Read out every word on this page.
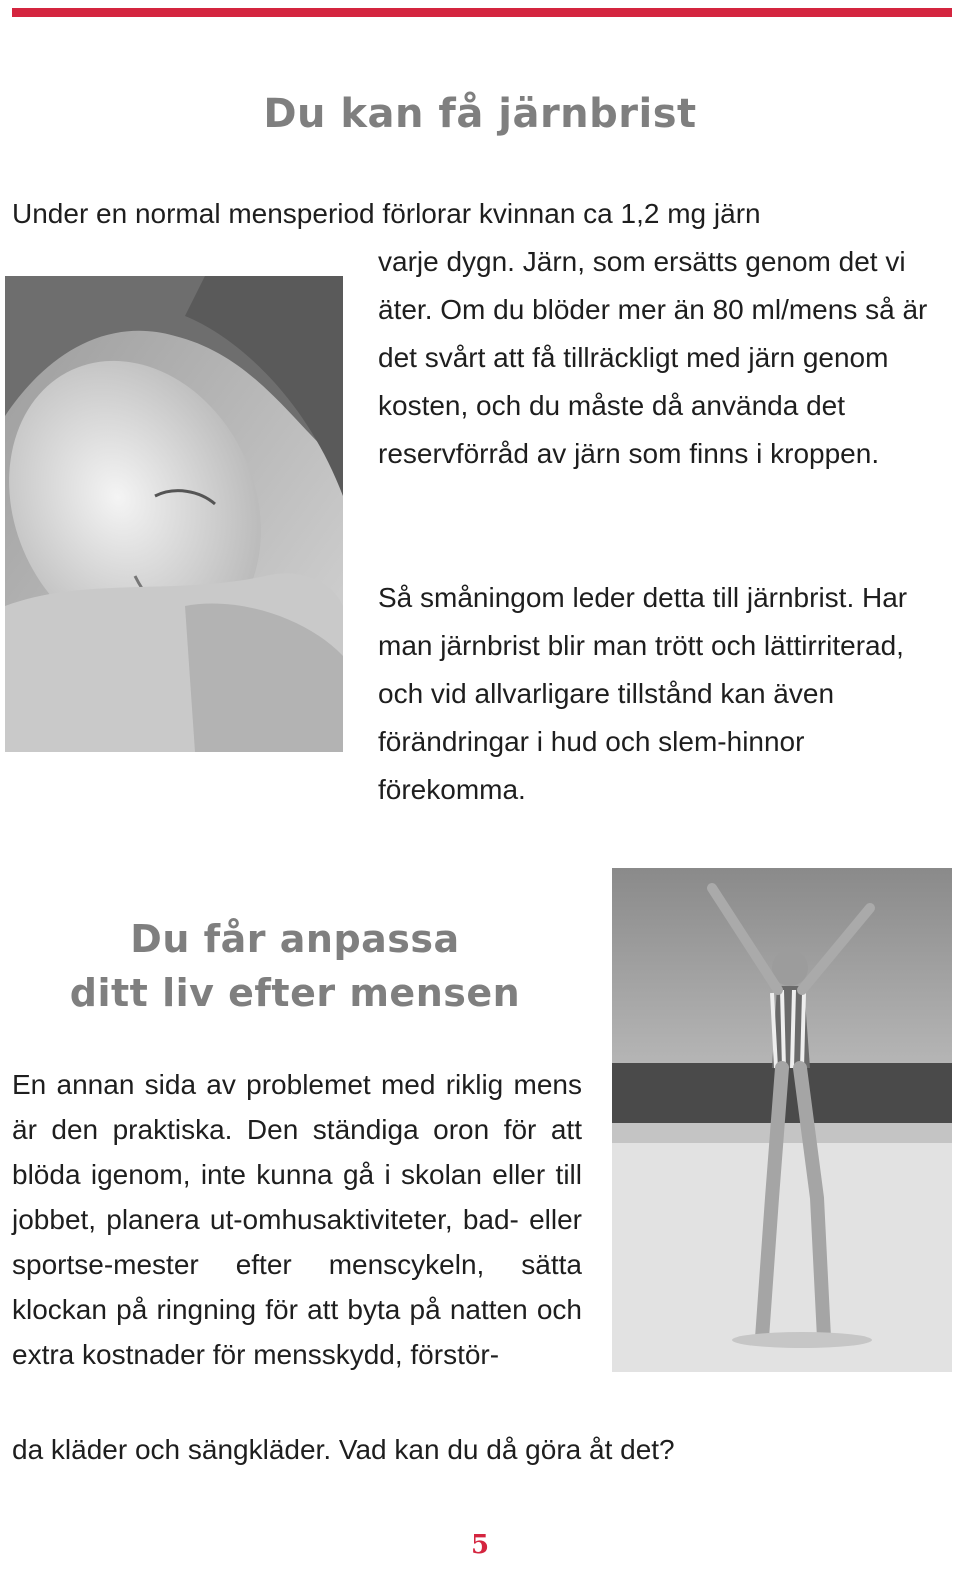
Du kan få järnbrist

Under en normal mensperiod förlorar kvinnan ca 1,2 mg järn

varje dygn. Järn, som ersätts genom det vi äter. Om du blöder mer än 80 ml/mens så är det svårt att få tillräckligt med järn genom kosten, och du måste då använda det reservförråd av järn som finns i kroppen.

Så småningom leder detta till järnbrist. Har man järnbrist blir man trött och lättirriterad, och vid allvarligare tillstånd kan även förändringar i hud och slem-hinnor förekomma.

Du får anpassa
ditt liv efter mensen

En annan sida av problemet med riklig mens är den praktiska. Den ständiga oron för att blöda igenom, inte kunna gå i skolan eller till jobbet, planera ut-omhusaktiviteter, bad- eller sportse-mester efter menscykeln, sätta klockan på ringning för att byta på natten och extra kostnader för mensskydd, förstör-

da kläder och sängkläder. Vad kan du då göra åt det?

5
